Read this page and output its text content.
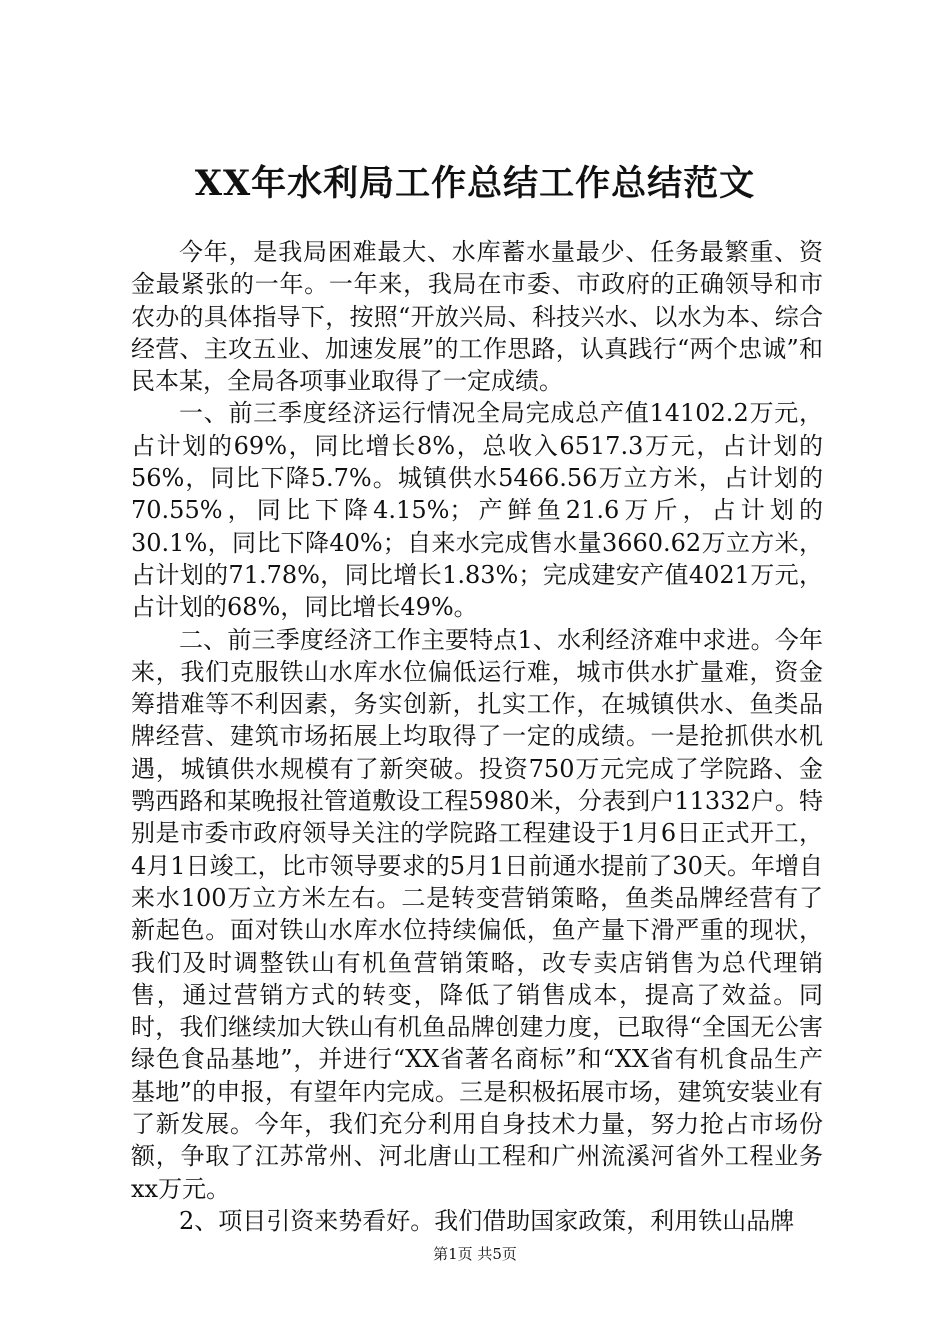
XX年水利局工作总结工作总结范文

今年，是我局困难最大、水库蓄水量最少、任务最繁重、资金最紧张的一年。一年来，我局在市委、市政府的正确领导和市农办的具体指导下，按照“开放兴局、科技兴水、以水为本、综合经营、主攻五业、加速发展”的工作思路，认真践行“两个忠诚”和民本某，全局各项事业取得了一定成绩。

一、前三季度经济运行情况全局完成总产值14102.2万元，占计划的69%，同比增长8%，总收入6517.3万元，占计划的56%，同比下降5.7%。城镇供水5466.56万立方米，占计划的70.55%，同比下降4.15%；产鲜鱼21.6万斤，占计划的30.1%，同比下降40%；自来水完成售水量3660.62万立方米，占计划的71.78%，同比增长1.83%；完成建安产值4021万元，占计划的68%，同比增长49%。

二、前三季度经济工作主要特点1、水利经济难中求进。今年来，我们克服铁山水库水位偏低运行难，城市供水扩量难，资金筹措难等不利因素，务实创新，扎实工作，在城镇供水、鱼类品牌经营、建筑市场拓展上均取得了一定的成绩。一是抢抓供水机遇，城镇供水规模有了新突破。投资750万元完成了学院路、金鹗西路和某晚报社管道敷设工程5980米，分表到户11332户。特别是市委市政府领导关注的学院路工程建设于1月6日正式开工，4月1日竣工，比市领导要求的5月1日前通水提前了30天。年增自来水100万立方米左右。二是转变营销策略，鱼类品牌经营有了新起色。面对铁山水库水位持续偏低，鱼产量下滑严重的现状，我们及时调整铁山有机鱼营销策略，改专卖店销售为总代理销售，通过营销方式的转变，降低了销售成本，提高了效益。同时，我们继续加大铁山有机鱼品牌创建力度，已取得“全国无公害绿色食品基地”，并进行“XX省著名商标”和“XX省有机食品生产基地”的申报，有望年内完成。三是积极拓展市场，建筑安装业有了新发展。今年，我们充分利用自身技术力量，努力抢占市场份额，争取了江苏常州、河北唐山工程和广州流溪河省外工程业务xx万元。

2、项目引资来势看好。我们借助国家政策，利用铁山品牌

第1页 共5页
